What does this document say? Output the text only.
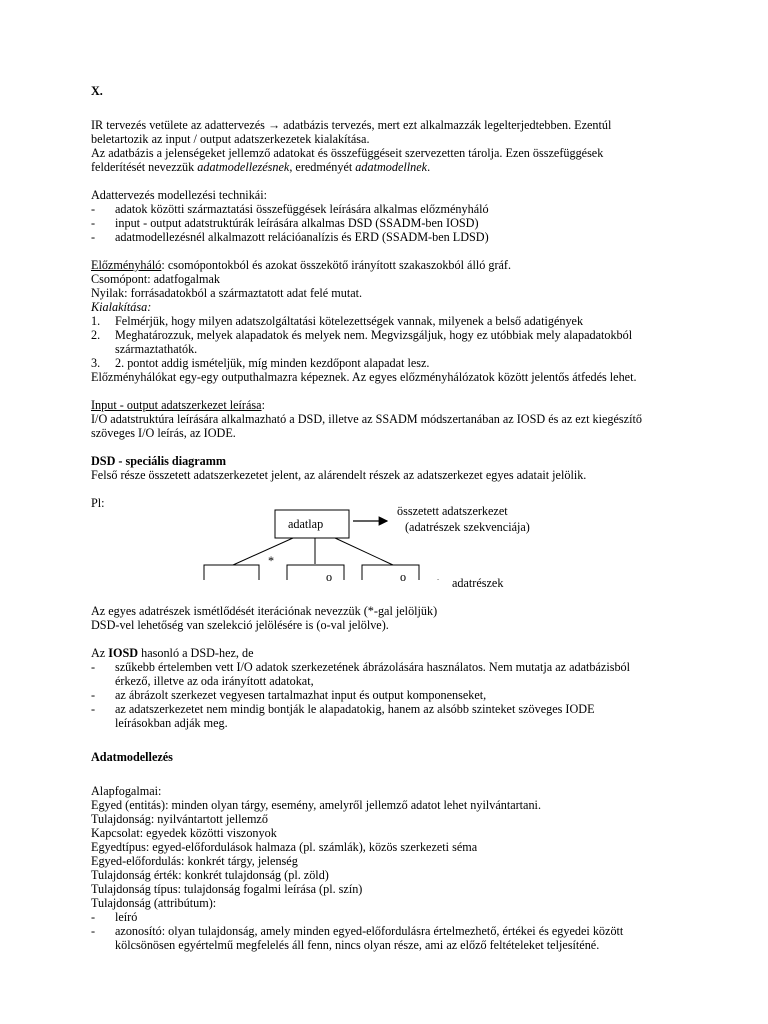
X.
IR tervezés vetülete az adattervezés → adatbázis tervezés, mert ezt alkalmazzák legelterjedtebben. Ezentúl
beletartozik az input / output adatszerkezetek kialakítása.
Az adatbázis a jelenségeket jellemző adatokat és összefüggéseit szervezetten tárolja. Ezen összefüggések
felderítését nevezzük adatmodellezésnek, eredményét adatmodellnek.
Adattervezés modellezési technikái:
- adatok közötti származtatási összefüggések leírására alkalmas előzményháló
- input - output adatstruktúrák leírására alkalmas DSD (SSADM-ben IOSD)
- adatmodellezésnél alkalmazott relációanalízis és ERD (SSADM-ben LDSD)
Előzményháló: csomópontokból és azokat összekötő irányított szakaszokból álló gráf.
Csomópont: adatfogalmak
Nyilak: forrásadatokból a származtatott adat felé mutat.
Kialakítása:
1. Felmérjük, hogy milyen adatszolgáltatási kötelezettségek vannak, milyenek a belső adatigények
2. Meghatározzuk, melyek alapadatok és melyek nem. Megvizsgáljuk, hogy ez utóbbiak mely alapadatokból
származtathatók.
3. 2. pontot addig ismételjük, míg minden kezdőpont alapadat lesz.
Előzményhálókat egy-egy outputhalmazra képeznek. Az egyes előzményhálózatok között jelentős átfedés lehet.
Input - output adatszerkezet leírása:
I/O adatstruktúra leírására alkalmazható a DSD, illetve az SSADM módszertanában az IOSD és az ezt kiegészítő
szöveges I/O leírás, az IODE.
DSD - speciális diagramm
Felső része összetett adatszerkezetet jelent, az alárendelt részek az adatszerkezet egyes adatait jelölik.
Pl:
adatlap
összetett adatszerkezet
(adatrészek szekvenciája)
*
o	o	adatrészek
Az egyes adatrészek ismétlődését iterációnak nevezzük (*-gal jelöljük)
DSD-vel lehetőség van szelekció jelölésére is (o-val jelölve).
Az IOSD hasonló a DSD-hez, de
- szűkebb értelemben vett I/O adatok szerkezetének ábrázolására használatos. Nem mutatja az adatbázisból
érkező, illetve az oda irányított adatokat,
- az ábrázolt szerkezet vegyesen tartalmazhat input és output komponenseket,
- az adatszerkezetet nem mindig bontják le alapadatokig, hanem az alsóbb szinteket szöveges IODE
leírásokban adják meg.
Adatmodellezés
Alapfogalmai:
Egyed (entitás): minden olyan tárgy, esemény, amelyről jellemző adatot lehet nyilvántartani.
Tulajdonság: nyilvántartott jellemző
Kapcsolat: egyedek közötti viszonyok
Egyedtípus: egyed-előfordulások halmaza (pl. számlák), közös szerkezeti séma
Egyed-előfordulás: konkrét tárgy, jelenség
Tulajdonság érték: konkrét tulajdonság (pl. zöld)
Tulajdonság típus: tulajdonság fogalmi leírása (pl. szín)
Tulajdonság (attribútum):
- leíró
- azonosító: olyan tulajdonság, amely minden egyed-előfordulásra értelmezhető, értékei és egyedei között
kölcsönösen egyértelmű megfelelés áll fenn, nincs olyan része, ami az előző feltételeket teljesíténé.
